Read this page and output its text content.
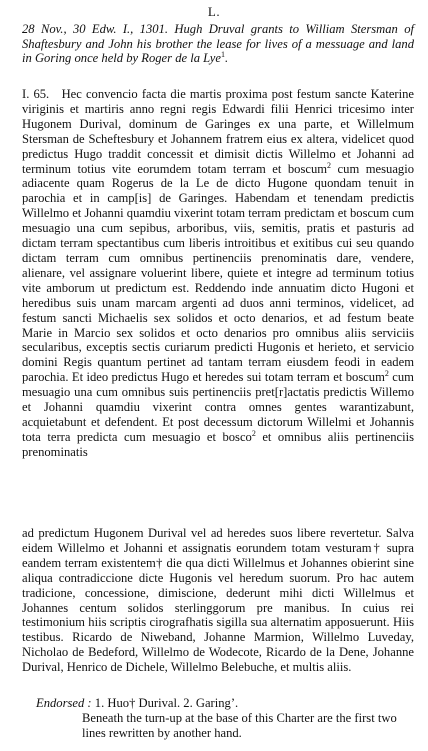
L.
28 Nov., 30 Edw. I., 1301. Hugh Druval grants to William Stersman of Shaftesbury and John his brother the lease for lives of a messuage and land in Goring once held by Roger de la Lye$^1$.
I. 65. Hec convencio facta die martis proxima post festum sancte Katerine viriginis et martiris anno regni regis Edwardi filii Henrici tricesimo inter Hugonem Durival, dominum de Garinges ex una parte, et Willelmum Stersman de Scheftesbury et Johannem fratrem eius ex altera, videlicet quod predictus Hugo traddit concessit et dimisit dictis Willelmo et Johanni ad terminum totius vite eorumdem totam terram et boscum$^2$ cum mesuagio adiacente quam Rogerus de la Le de dicto Hugone quondam tenuit in parochia et in camp[is] de Garinges. Habendam et tenendam predictis Willelmo et Johanni quamdiu vixerint totam terram predictam et boscum cum mesuagio una cum sepibus, arboribus, viis, semitis, pratis et pasturis ad dictam terram spectantibus cum liberis introitibus et exitibus cui seu quando dictam terram cum omnibus pertinenciis prenominatis dare, vendere, alienare, vel assignare voluerint libere, quiete et integre ad terminum totius vite amborum ut predictum est. Reddendo inde annuatim dicto Hugoni et heredibus suis unam marcam argenti ad duos anni terminos, videlicet, ad festum sancti Michaelis sex solidos et octo denarios, et ad festum beate Marie in Marcio sex solidos et octo denarios pro omnibus aliis serviciis secularibus, exceptis sectis curiarum predicti Hugonis et herieto, et servicio domini Regis quantum pertinet ad tantam terram eiusdem feodi in eadem parochia. Et ideo predictus Hugo et heredes sui totam terram et boscum$^2$ cum mesuagio una cum omnibus suis pertinenciis pret[r]actatis predictis Willemo et Johanni quamdiu vixerint contra omnes gentes warantizabunt, acquietabunt et defendent. Et post decessum dictorum Willelmi et Johannis tota terra predicta cum mesuagio et bosco$^2$ et omnibus aliis pertinenciis prenominatis
ad predictum Hugonem Durival vel ad heredes suos libere revertetur. Salva eidem Willelmo et Johanni et assignatis eorundem totam vesturam† supra eandem terram existentem† die qua dicti Willelmus et Johannes obierint sine aliqua contradiccione dicte Hugonis vel heredum suorum. Pro hac autem tradicione, concessione, dimiscione, dederunt mihi dicti Willelmus et Johannes centum solidos sterlinggorum pre manibus. In cuius rei testimonium hiis scriptis cirografhatis sigilla sua alternatim apposuerunt. Hiis testibus. Ricardo de Niweband, Johanne Marmion, Willelmo Luveday, Nicholao de Bedeford, Willelmo de Wodecote, Ricardo de la Dene, Johanne Durival, Henrico de Dichele, Willelmo Belebuche, et multis aliis.
Endorsed : 1. Huo† Durival. 2. Garing’.
Beneath the turn-up at the base of this Charter are the first two lines rewritten by another hand.
